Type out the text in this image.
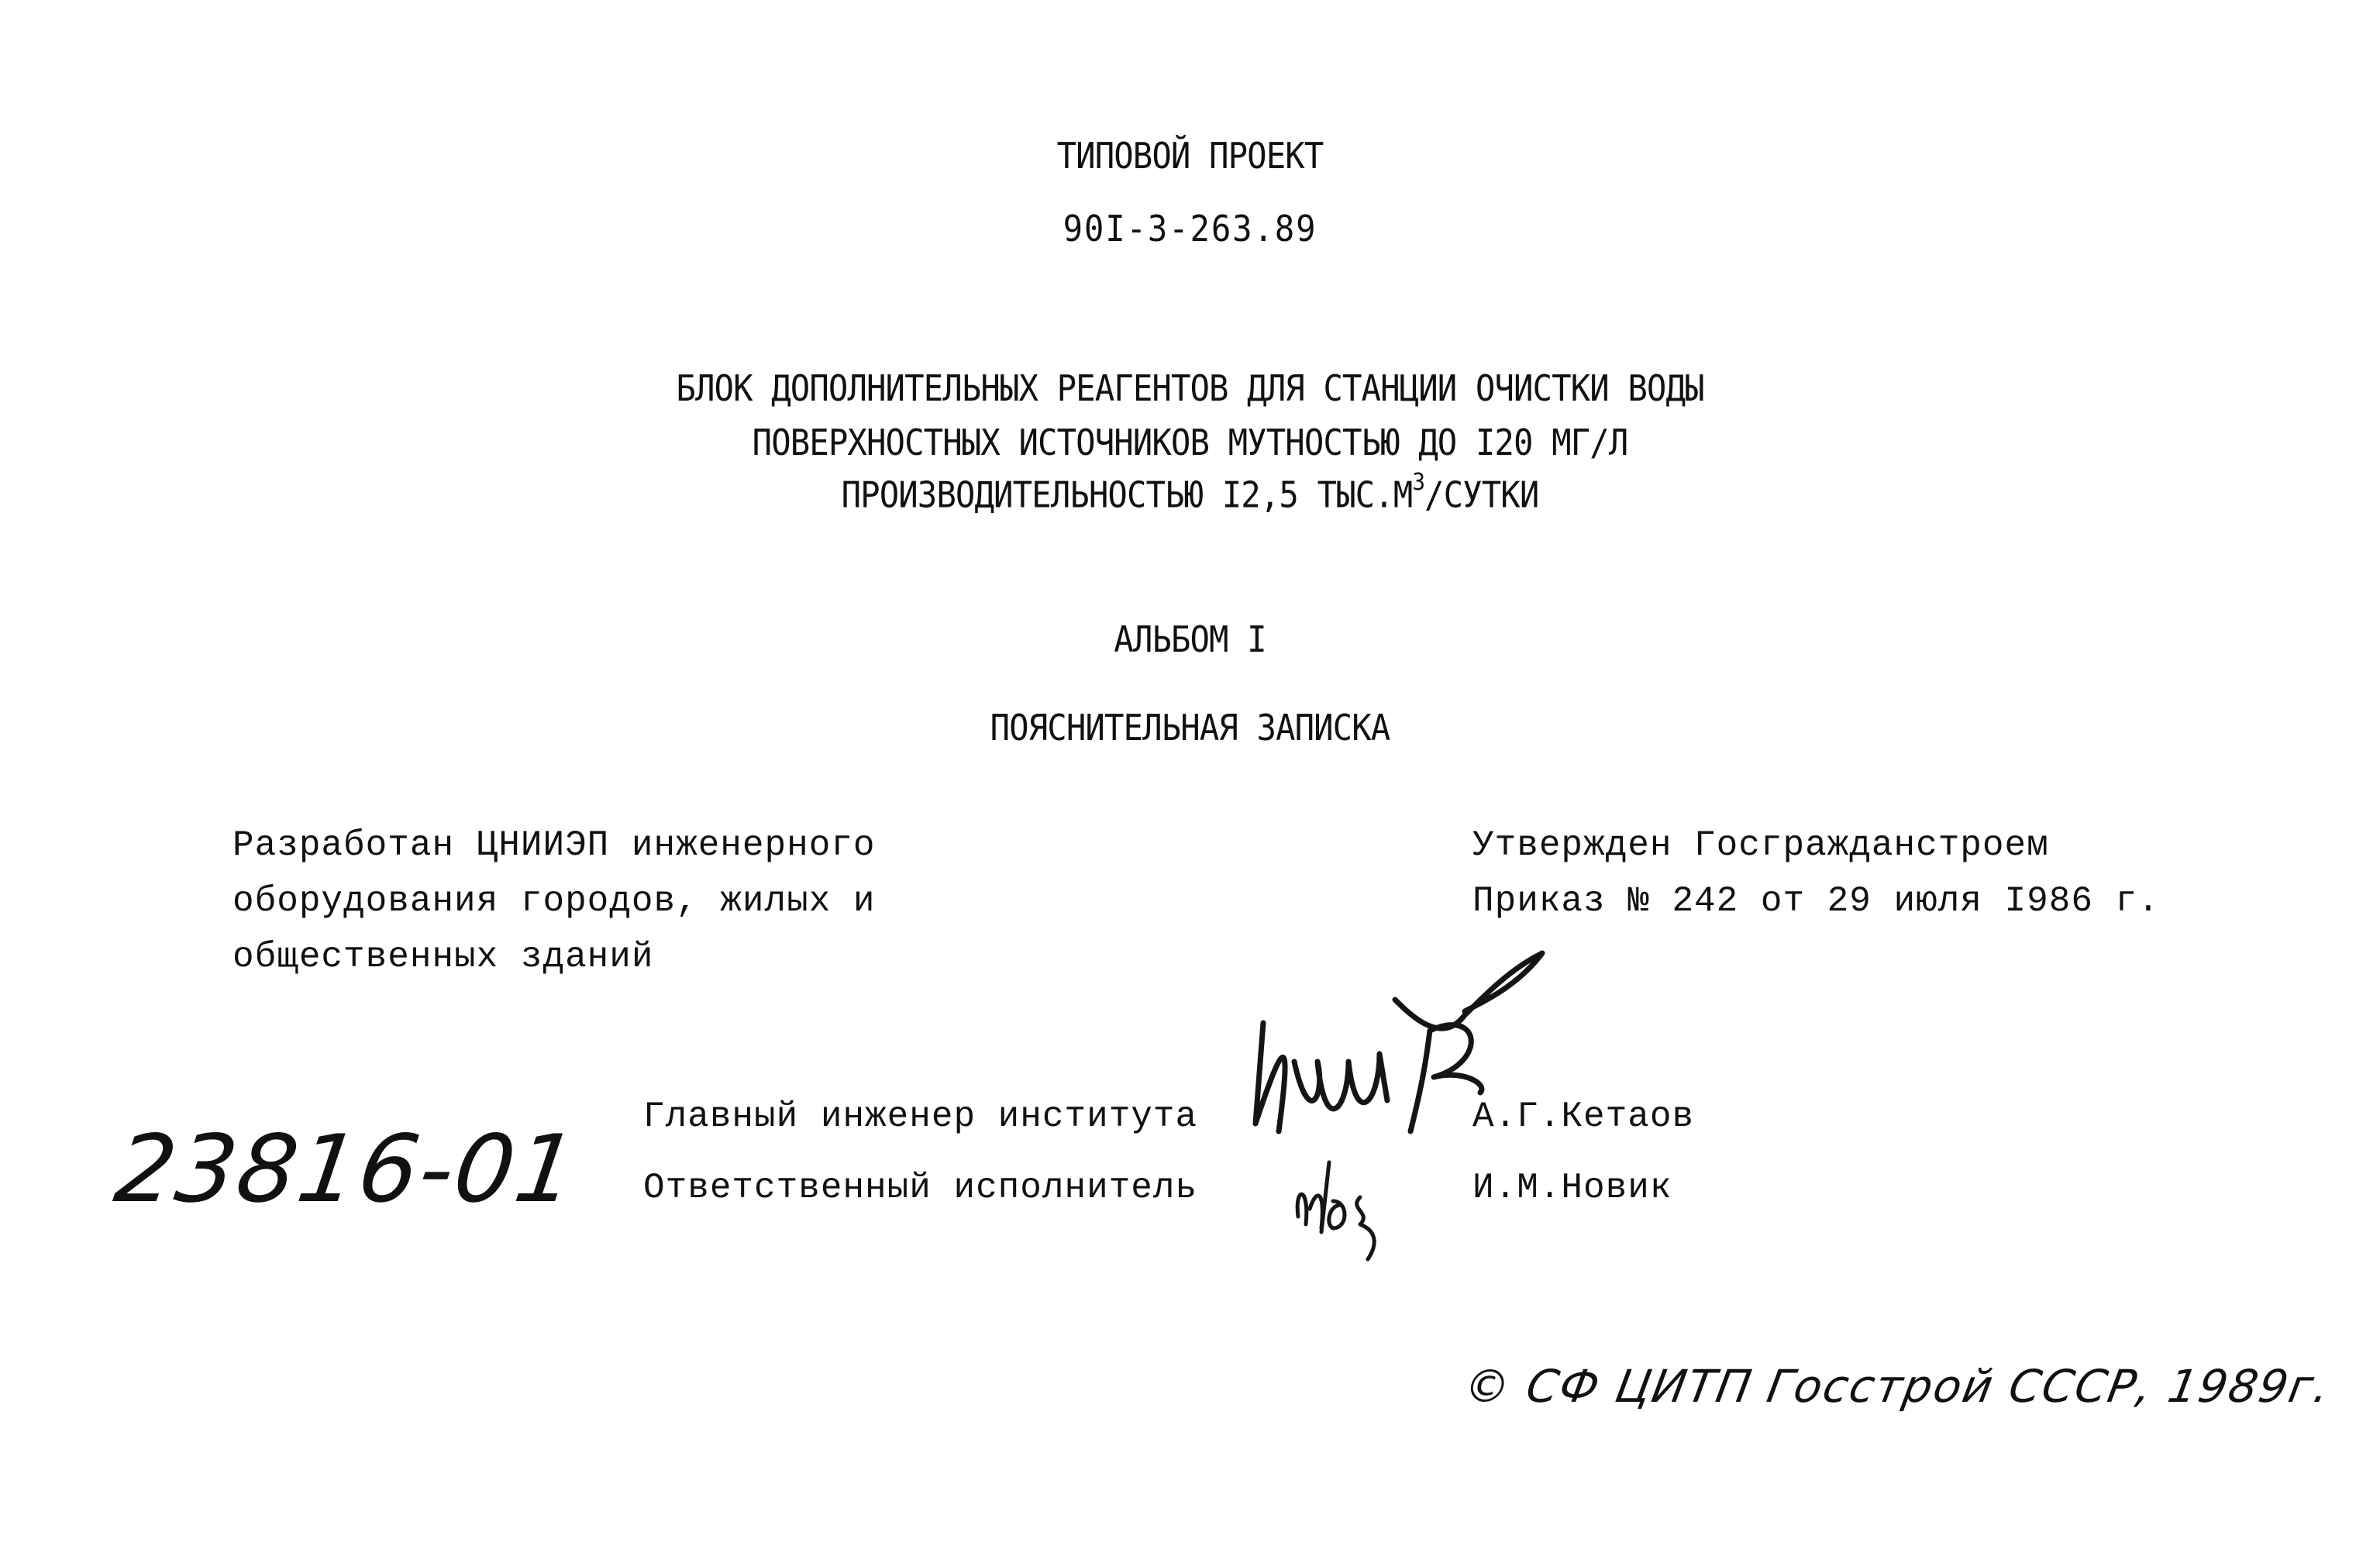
ТИПОВОЙ ПРОЕКТ
90I-3-263.89
БЛОК ДОПОЛНИТЕЛЬНЫХ РЕАГЕНТОВ ДЛЯ СТАНЦИИ ОЧИСТКИ ВОДЫ
ПОВЕРХНОСТНЫХ ИСТОЧНИКОВ МУТНОСТЬЮ ДО I20 МГ/Л
ПРОИЗВОДИТЕЛЬНОСТЬЮ I2,5 $ТЫС.М^3$/СУТКИ
АЛЬБОМ I
ПОЯСНИТЕЛЬНАЯ ЗАПИСКА
Разработан ЦНИИЭП инженерного
оборудования городов, жилых и
общественных зданий
Утвержден Госгражданстроем
Приказ № 242 от 29 июля I986 г.
Главный инженер института	А.Г.Кетаов
Ответственный исполнитель	И.М.Новик
23816-01
© СФ ЦИТП Госстрой СССР, 1989г.
